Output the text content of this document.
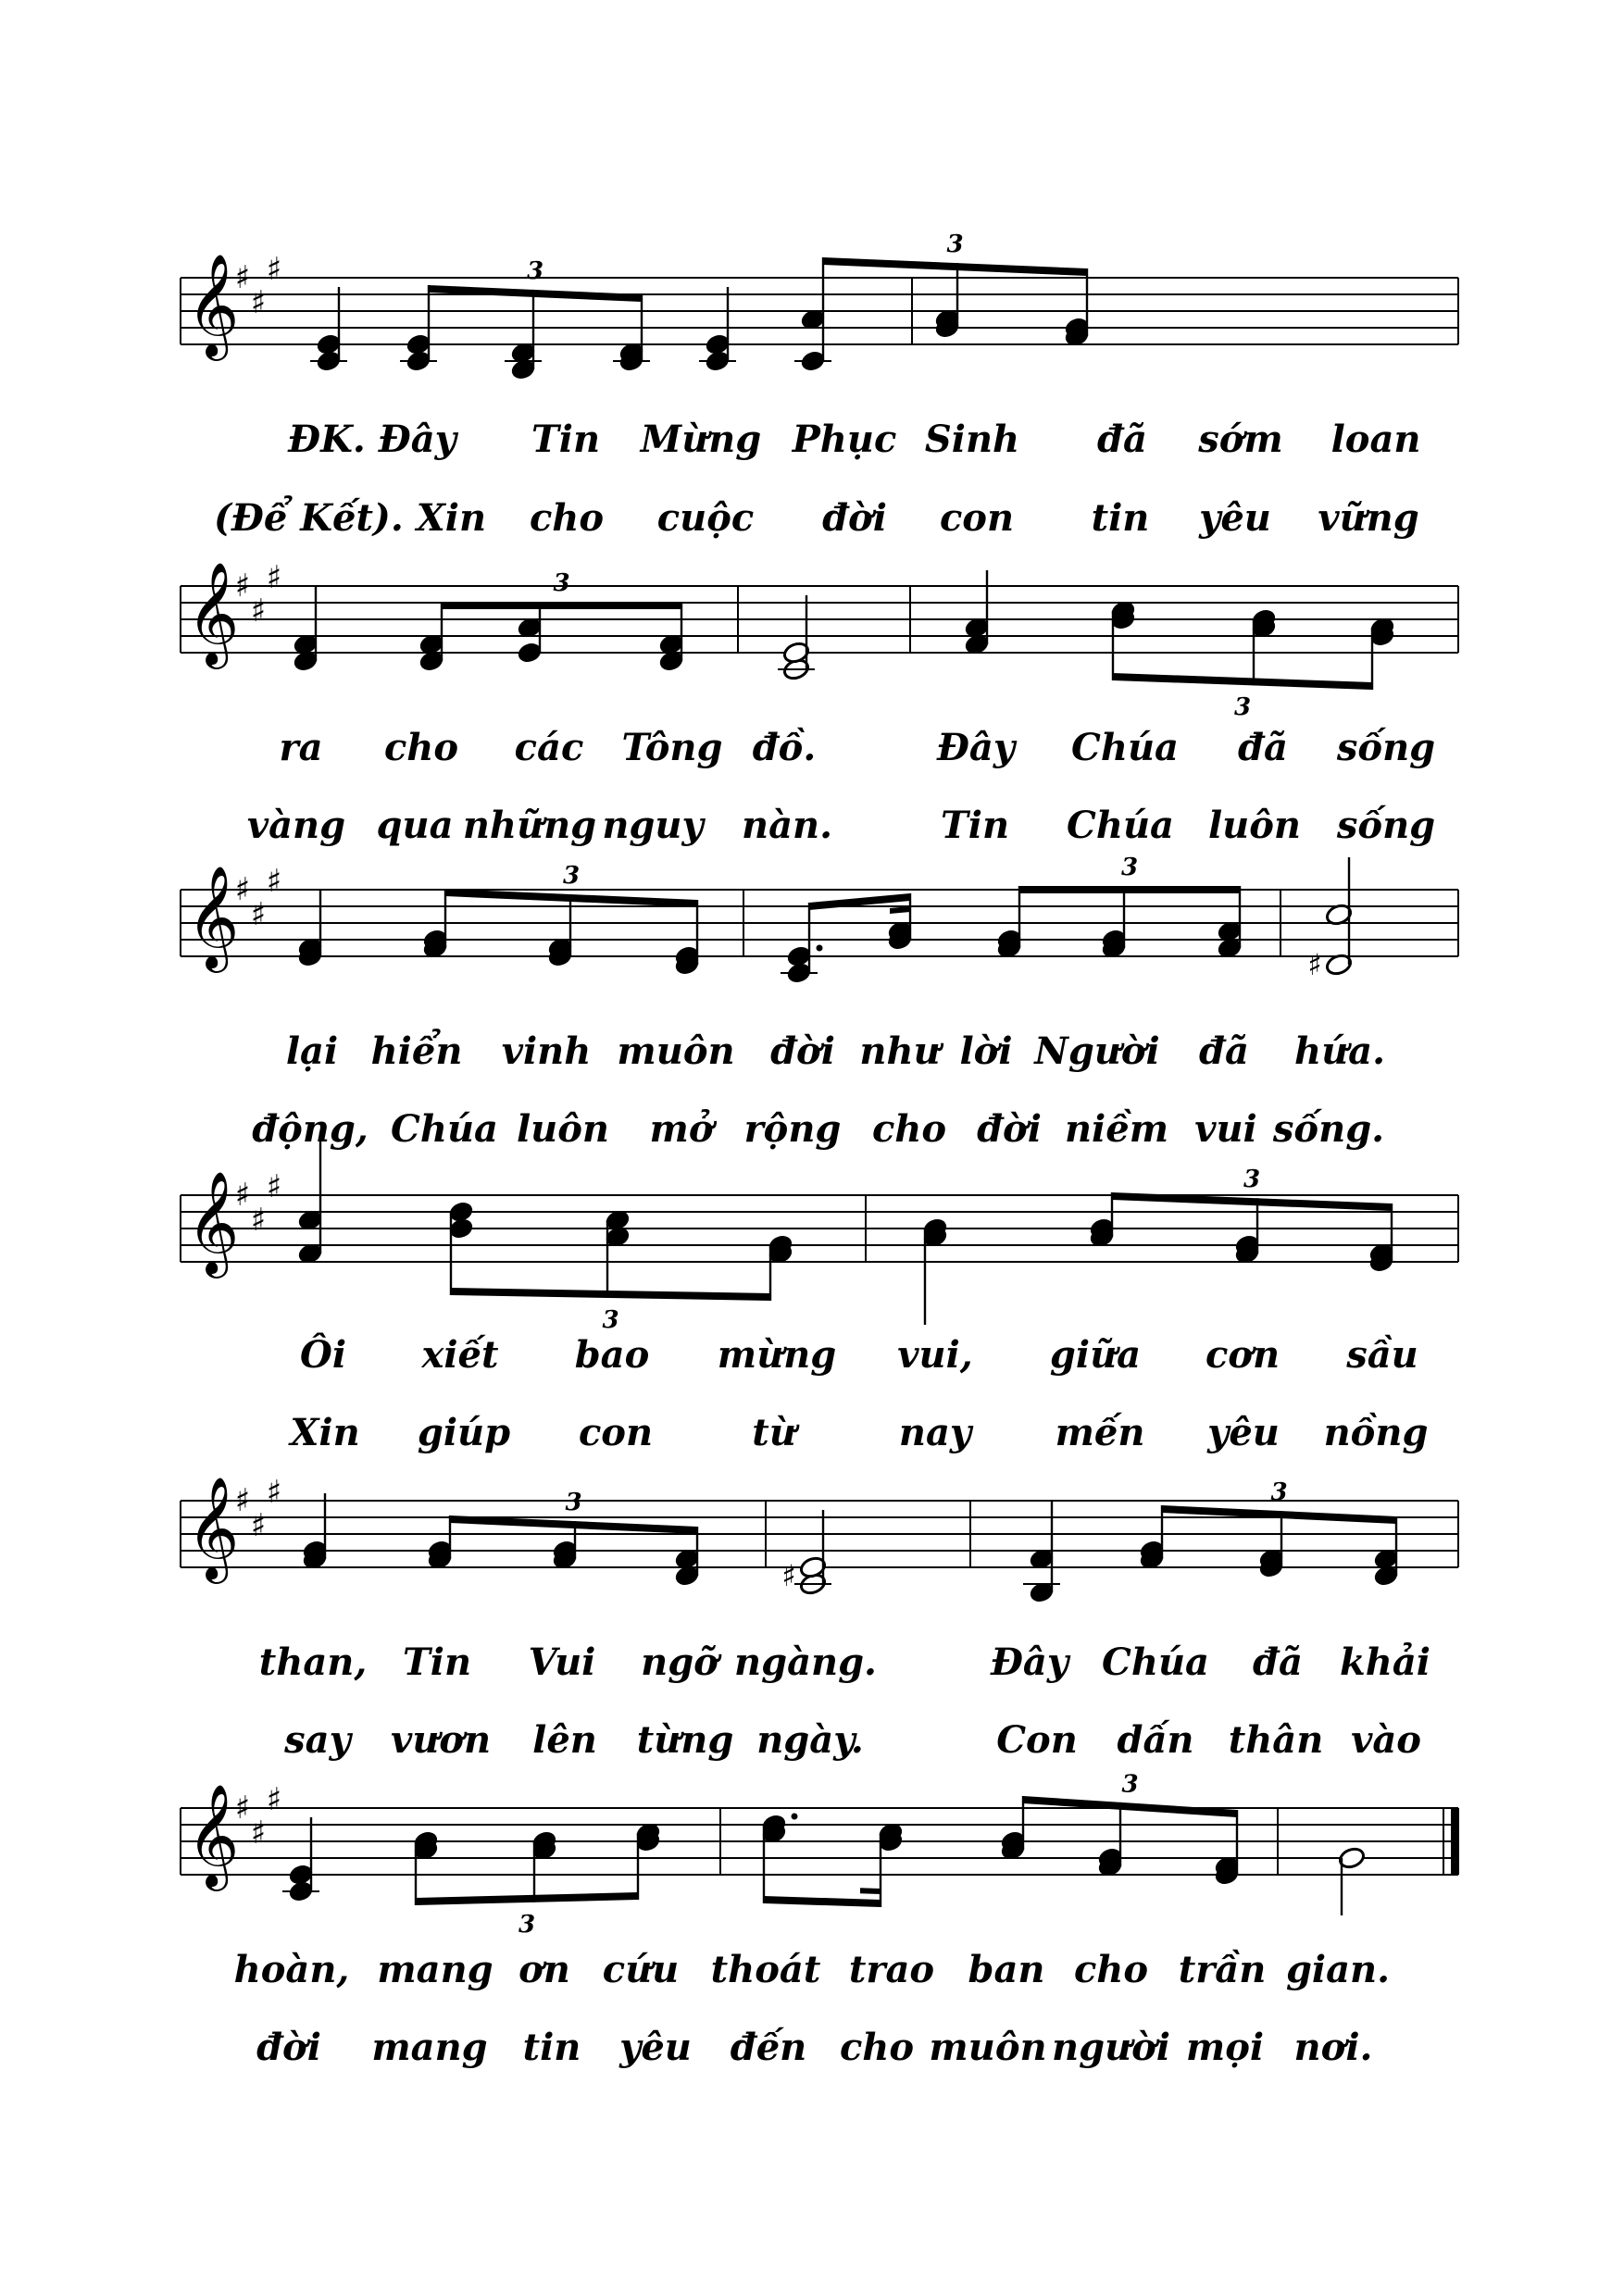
𝄞
♯
♯
♯	3
3
𝄞
♯
♯
♯	3
3
𝄞
♯
♯
♯
♯
3	3
𝄞
♯
♯
♯
3
3
𝄞
♯
♯
♯
♯
3	3
𝄞
♯
♯
♯
3
3
ĐK. Đây Tin Mừng Phục Sinh đã sớm loan
(Để Kết). Xin cho cuộc đời con tin yêu vững
ra cho các Tông đồ.	Đây Chúa đã sống
vàng qua những nguy nàn.	Tin Chúa luôn sống
lại hiển vinh muôn đời như lời Người đã hứa.
động, Chúa luôn mở rộng cho đời niềm vui sống.
Ôi xiết bao mừng vui, giữa cơn sầu
Xin giúp con	từ	nay mến yêu nồng
than, Tin Vui ngỡ ngàng.	Đây Chúa đã khải
say vươn lên từng ngày.	Con dấn thân vào
hoàn, mang ơn cứu thoát trao ban cho trần gian.
đời mang tin yêu đến cho muôn người mọi nơi.
